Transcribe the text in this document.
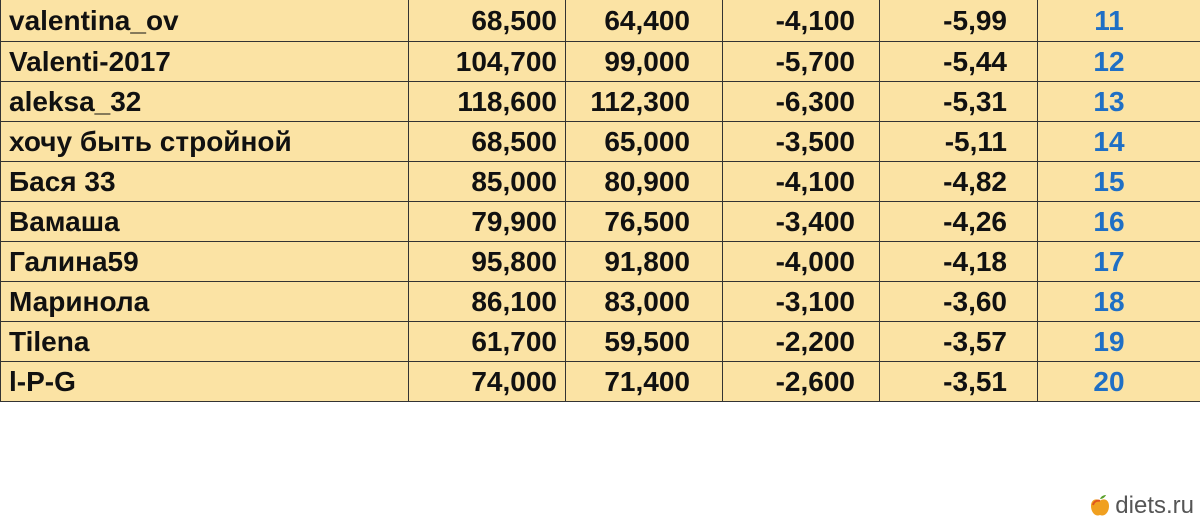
valentina_ov	68,500	64,400	-4,100	-5,99	11
Valenti-2017	104,700	99,000	-5,700	-5,44	12
aleksa_32	118,600	112,300	-6,300	-5,31	13
хочу быть стройной	68,500	65,000	-3,500	-5,11	14
Бася 33	85,000	80,900	-4,100	-4,82	15
Вамаша	79,900	76,500	-3,400	-4,26	16
Галина59	95,800	91,800	-4,000	-4,18	17
Маринола	86,100	83,000	-3,100	-3,60	18
Tilena	61,700	59,500	-2,200	-3,57	19
l-P-G	74,000	71,400	-2,600	-3,51	20
diets.ru
